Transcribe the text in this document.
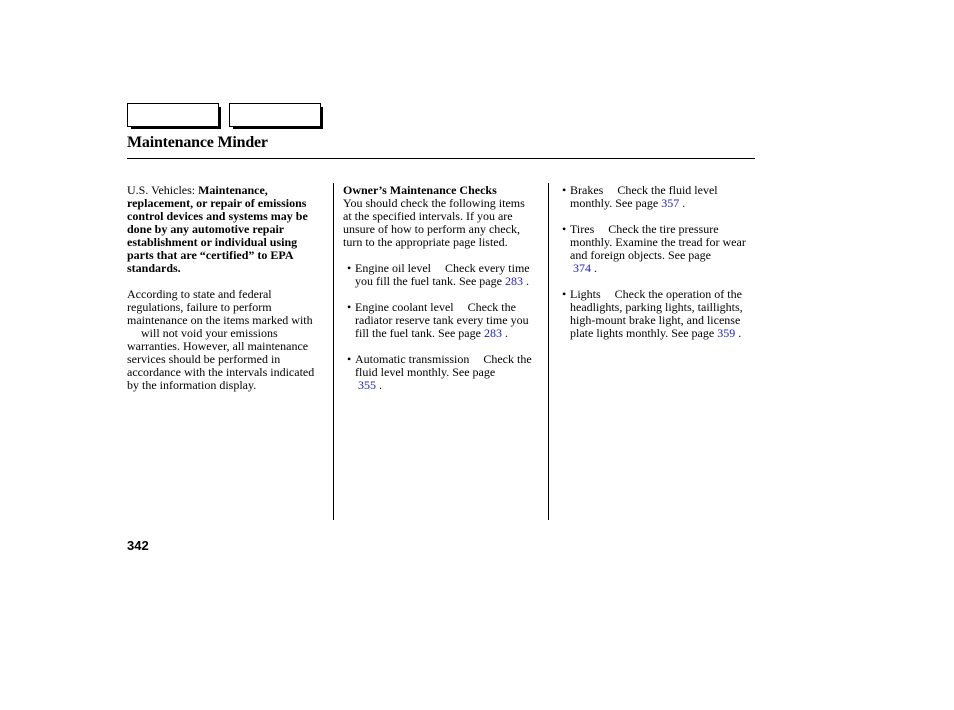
Maintenance Minder

U.S. Vehicles: Maintenance, replacement, or repair of emissions control devices and systems may be done by any automotive repair establishment or individual using parts that are “certified” to EPA standards.

According to state and federal regulations, failure to perform maintenance on the items marked withwill not void your emissions warranties. However, all maintenance services should be performed in accordance with the intervals indicated by the information display.

Owner’s Maintenance Checks

You should check the following items at the specified intervals. If you are unsure of how to perform any check, turn to the appropriate page listed.

• Engine oil level Check every time you fill the fuel tank. See page 283 .
• Engine coolant level Check the radiator reserve tank every time you fill the fuel tank. See page 283 .
• Automatic transmission Check the fluid level monthly. See page
355 .
• Brakes Check the fluid level monthly. See page 357 .
• Tires Check the tire pressure monthly. Examine the tread for wear and foreign objects. See page
374 .
• Lights Check the operation of the headlights, parking lights, taillights, high-mount brake light, and license plate lights monthly. See page 359 .
342
